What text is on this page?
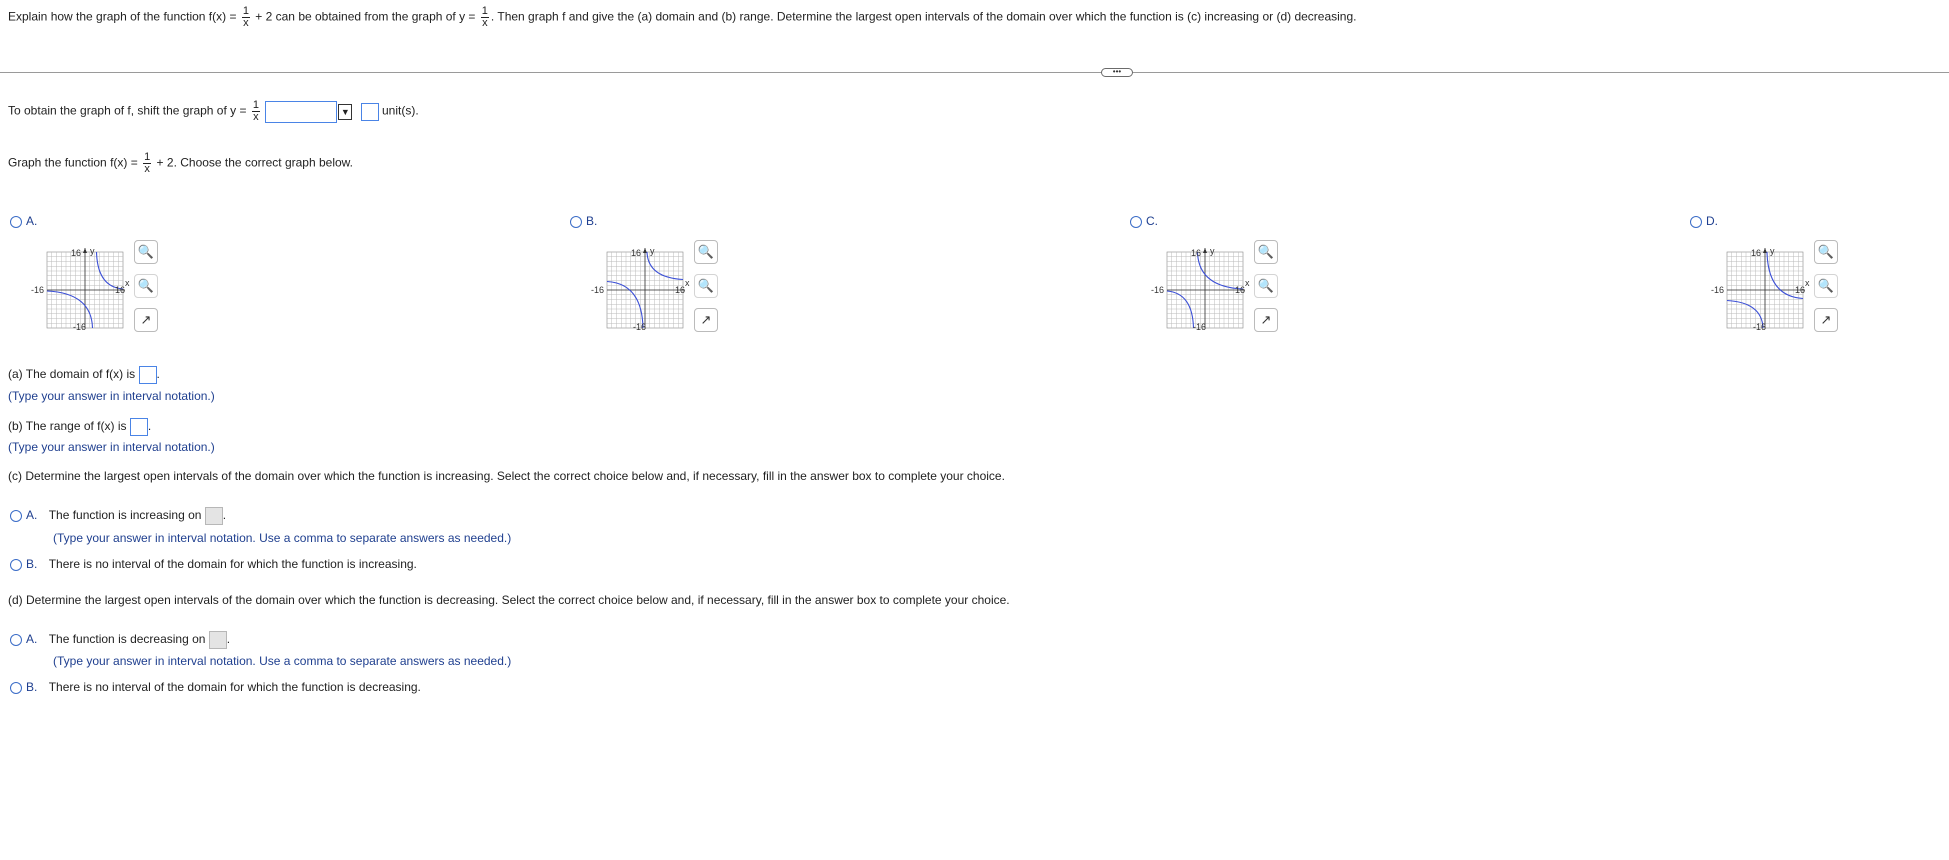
Explain how the graph of the function $f(x) = \frac{1}{x} + 2$ can be obtained from the graph of $y = \frac{1}{x}$ . Then graph f and give the (a) domain and (b) range. Determine the largest open intervals of the domain over which the function is (c) increasing or (d) decreasing.
•••
To obtain the graph of f, shift the graph of $y = \frac{1}{x}$
	▼	unit(s).
Graph the function $f(x) = \frac{1}{x} + 2$. Choose the correct graph below.
A.
16
-16
-16	16
x
y	🔍
🔍
↗
B.
16
-16
-16	16
x
y	🔍
🔍
↗
C.
16
-16
-16	16
x
y	🔍
🔍
↗
D.
16
-16
-16	16
x
y	🔍
🔍
↗
(a) The domain of f(x) is .
(Type your answer in interval notation.)
(b) The range of f(x) is .
(Type your answer in interval notation.)
(c) Determine the largest open intervals of the domain over which the function is increasing. Select the correct choice below and, if necessary, fill in the answer box to complete your choice.
A. The function is increasing on .
(Type your answer in interval notation. Use a comma to separate answers as needed.)
B. There is no interval of the domain for which the function is increasing.
(d) Determine the largest open intervals of the domain over which the function is decreasing. Select the correct choice below and, if necessary, fill in the answer box to complete your choice.
A. The function is decreasing on .
(Type your answer in interval notation. Use a comma to separate answers as needed.)
B. There is no interval of the domain for which the function is decreasing.
